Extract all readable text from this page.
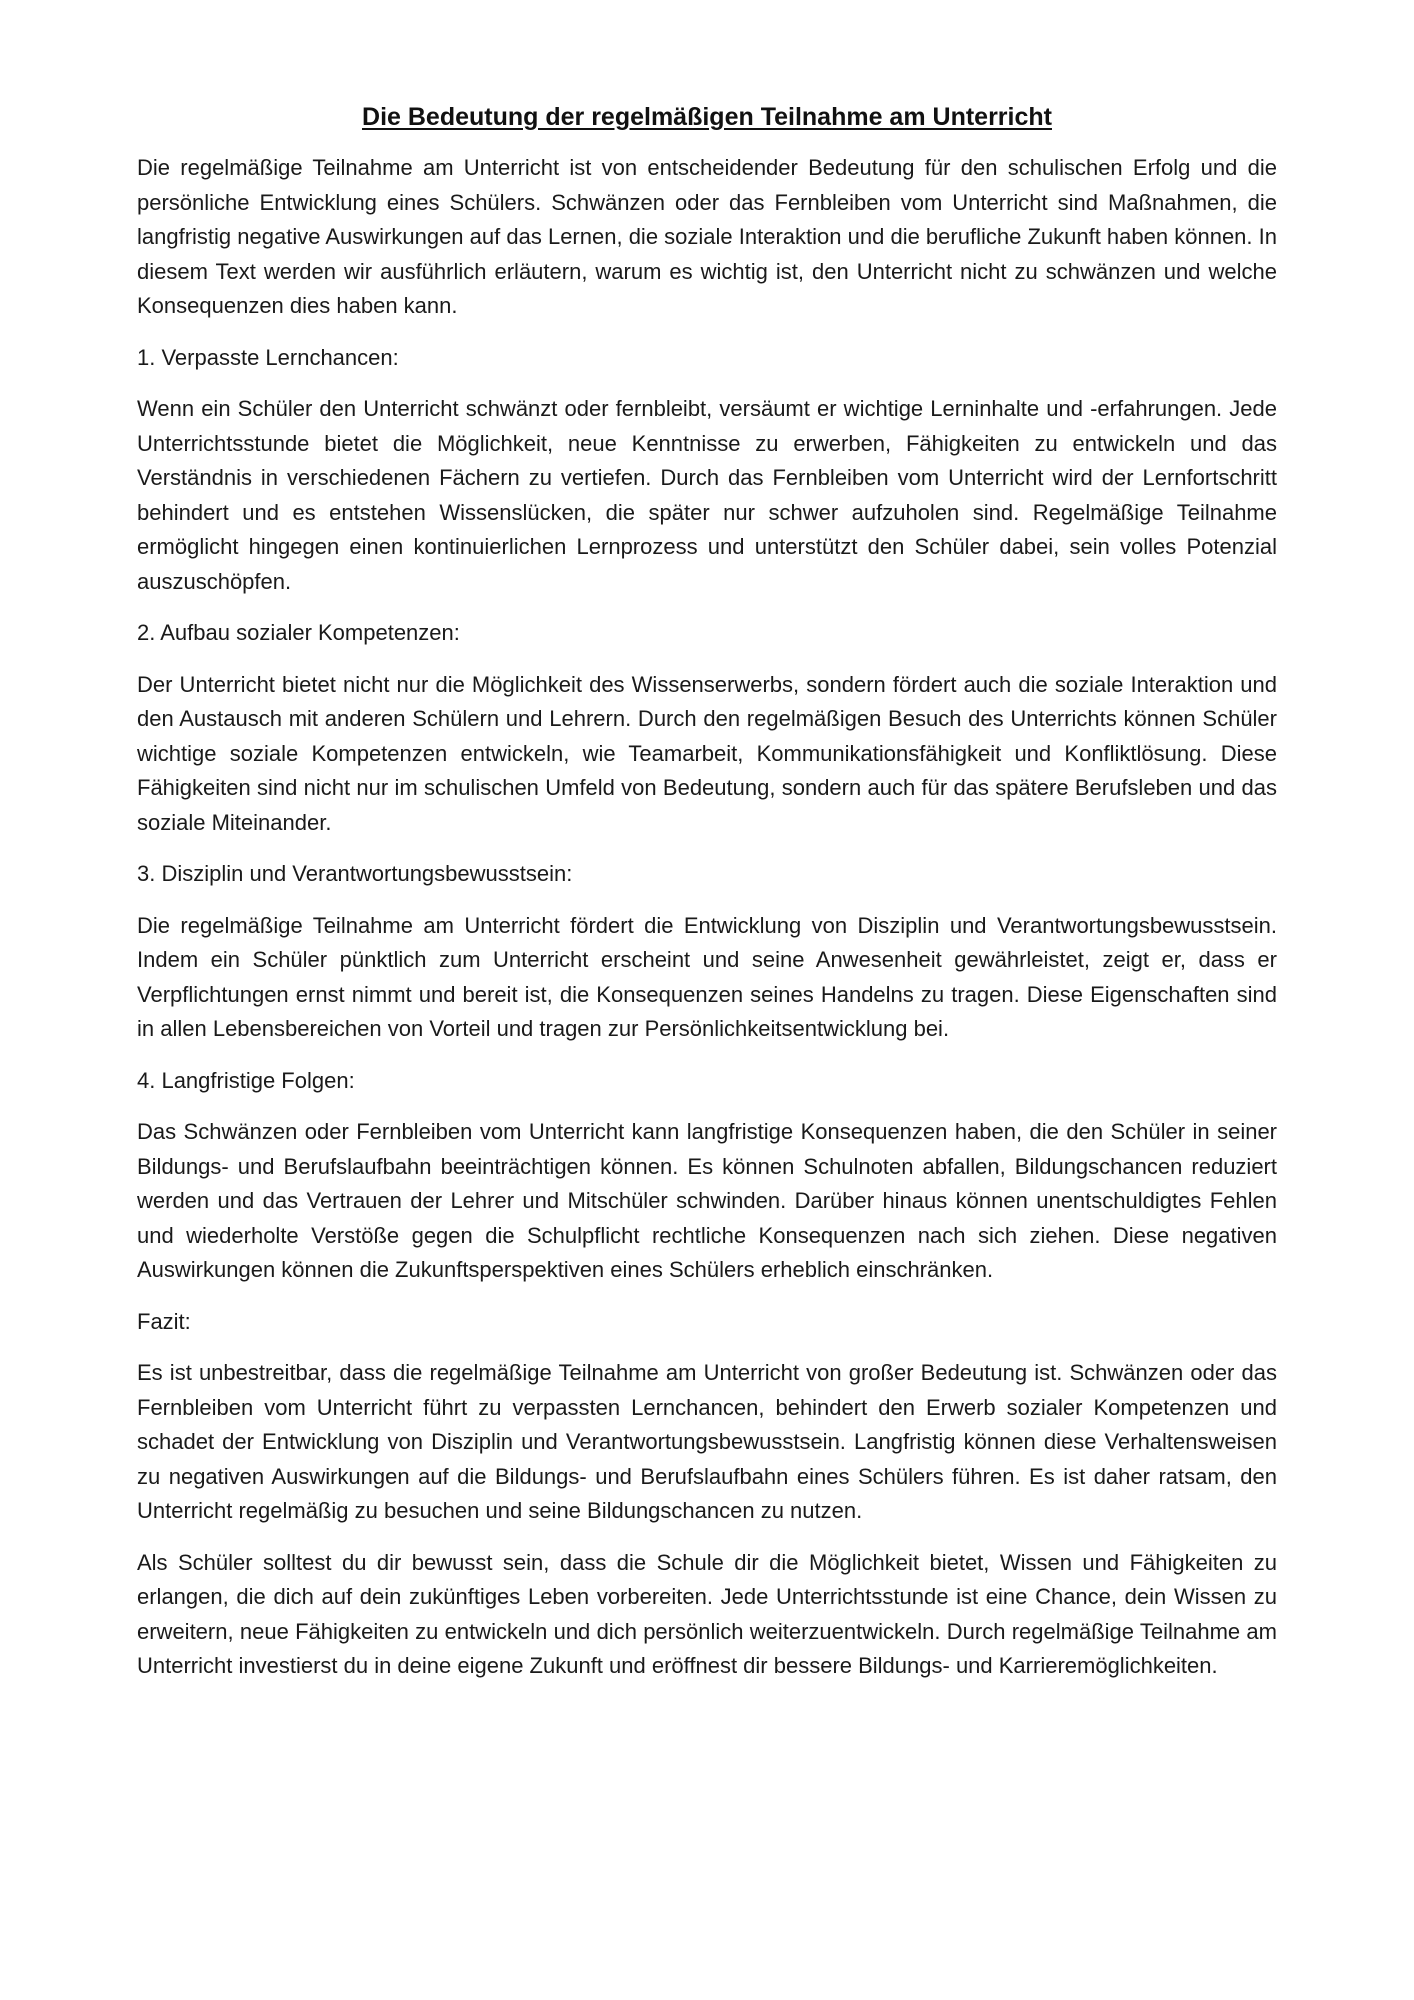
Die Bedeutung der regelmäßigen Teilnahme am Unterricht

Die regelmäßige Teilnahme am Unterricht ist von entscheidender Bedeutung für den schulischen Erfolg und die persönliche Entwicklung eines Schülers. Schwänzen oder das Fernbleiben vom Unterricht sind Maßnahmen, die langfristig negative Auswirkungen auf das Lernen, die soziale Interaktion und die berufliche Zukunft haben können. In diesem Text werden wir ausführlich erläutern, warum es wichtig ist, den Unterricht nicht zu schwänzen und welche Konsequenzen dies haben kann.

1. Verpasste Lernchancen:

Wenn ein Schüler den Unterricht schwänzt oder fernbleibt, versäumt er wichtige Lerninhalte und -erfahrungen. Jede Unterrichtsstunde bietet die Möglichkeit, neue Kenntnisse zu erwerben, Fähigkeiten zu entwickeln und das Verständnis in verschiedenen Fächern zu vertiefen. Durch das Fernbleiben vom Unterricht wird der Lernfortschritt behindert und es entstehen Wissenslücken, die später nur schwer aufzuholen sind. Regelmäßige Teilnahme ermöglicht hingegen einen kontinuierlichen Lernprozess und unterstützt den Schüler dabei, sein volles Potenzial auszuschöpfen.

2. Aufbau sozialer Kompetenzen:

Der Unterricht bietet nicht nur die Möglichkeit des Wissenserwerbs, sondern fördert auch die soziale Interaktion und den Austausch mit anderen Schülern und Lehrern. Durch den regelmäßigen Besuch des Unterrichts können Schüler wichtige soziale Kompetenzen entwickeln, wie Teamarbeit, Kommunikationsfähigkeit und Konfliktlösung. Diese Fähigkeiten sind nicht nur im schulischen Umfeld von Bedeutung, sondern auch für das spätere Berufsleben und das soziale Miteinander.

3. Disziplin und Verantwortungsbewusstsein:

Die regelmäßige Teilnahme am Unterricht fördert die Entwicklung von Disziplin und Verantwortungsbewusstsein. Indem ein Schüler pünktlich zum Unterricht erscheint und seine Anwesenheit gewährleistet, zeigt er, dass er Verpflichtungen ernst nimmt und bereit ist, die Konsequenzen seines Handelns zu tragen. Diese Eigenschaften sind in allen Lebensbereichen von Vorteil und tragen zur Persönlichkeitsentwicklung bei.

4. Langfristige Folgen:

Das Schwänzen oder Fernbleiben vom Unterricht kann langfristige Konsequenzen haben, die den Schüler in seiner Bildungs- und Berufslaufbahn beeinträchtigen können. Es können Schulnoten abfallen, Bildungschancen reduziert werden und das Vertrauen der Lehrer und Mitschüler schwinden. Darüber hinaus können unentschuldigtes Fehlen und wiederholte Verstöße gegen die Schulpflicht rechtliche Konsequenzen nach sich ziehen. Diese negativen Auswirkungen können die Zukunftsperspektiven eines Schülers erheblich einschränken.

Fazit:

Es ist unbestreitbar, dass die regelmäßige Teilnahme am Unterricht von großer Bedeutung ist. Schwänzen oder das Fernbleiben vom Unterricht führt zu verpassten Lernchancen, behindert den Erwerb sozialer Kompetenzen und schadet der Entwicklung von Disziplin und Verantwortungsbewusstsein. Langfristig können diese Verhaltensweisen zu negativen Auswirkungen auf die Bildungs- und Berufslaufbahn eines Schülers führen. Es ist daher ratsam, den Unterricht regelmäßig zu besuchen und seine Bildungschancen zu nutzen.

Als Schüler solltest du dir bewusst sein, dass die Schule dir die Möglichkeit bietet, Wissen und Fähigkeiten zu erlangen, die dich auf dein zukünftiges Leben vorbereiten. Jede Unterrichtsstunde ist eine Chance, dein Wissen zu erweitern, neue Fähigkeiten zu entwickeln und dich persönlich weiterzuentwickeln. Durch regelmäßige Teilnahme am Unterricht investierst du in deine eigene Zukunft und eröffnest dir bessere Bildungs- und Karrieremöglichkeiten.
